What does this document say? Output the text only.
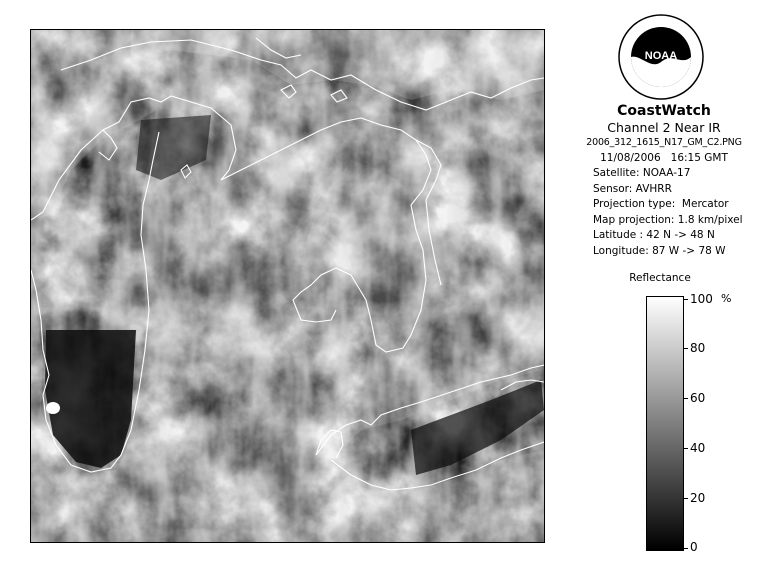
NOAA
CoastWatch
Channel 2 Near IR
2006_312_1615_N17_GM_C2.PNG
11/08/2006   16:15 GMT
Satellite: NOAA-17
Sensor: AVHRR
Projection type:  Mercator
Map projection: 1.8 km/pixel
Latitude : 42 N -> 48 N
Longitude: 87 W -> 78 W
Reflectance
%
100
80
60
40
20
0
